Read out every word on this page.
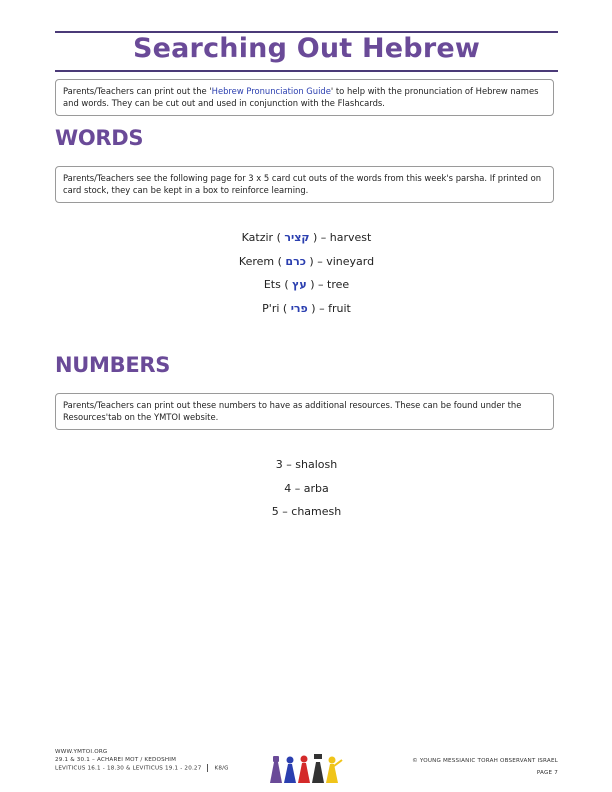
Searching Out Hebrew
Parents/Teachers can print out the 'Hebrew Pronunciation Guide' to help with the pronunciation of Hebrew names and words. They can be cut out and used in conjunction with the Flashcards.
WORDS
Parents/Teachers see the following page for 3 x 5 card cut outs of the words from this week's parsha. If printed on card stock, they can be kept in a box to reinforce learning.
Katzir ( קציר ) – harvest
Kerem ( כרם ) – vineyard
Ets ( עץ ) – tree
P'ri ( פרי ) – fruit
NUMBERS
Parents/Teachers can print out these numbers to have as additional resources. These can be found under the Resources'tab on the YMTOI website.
3 – shalosh
4 – arba
5 – chamesh
WWW.YMTOI.ORG
29.1 & 30.1 – ACHAREI MOT / KEDOSHIM
LEVITICUS 16.1 - 18.30 & LEVITICUS 19.1 - 20.27 K8/G
© YOUNG MESSIANIC TORAH OBSERVANT ISRAEL
PAGE 7
